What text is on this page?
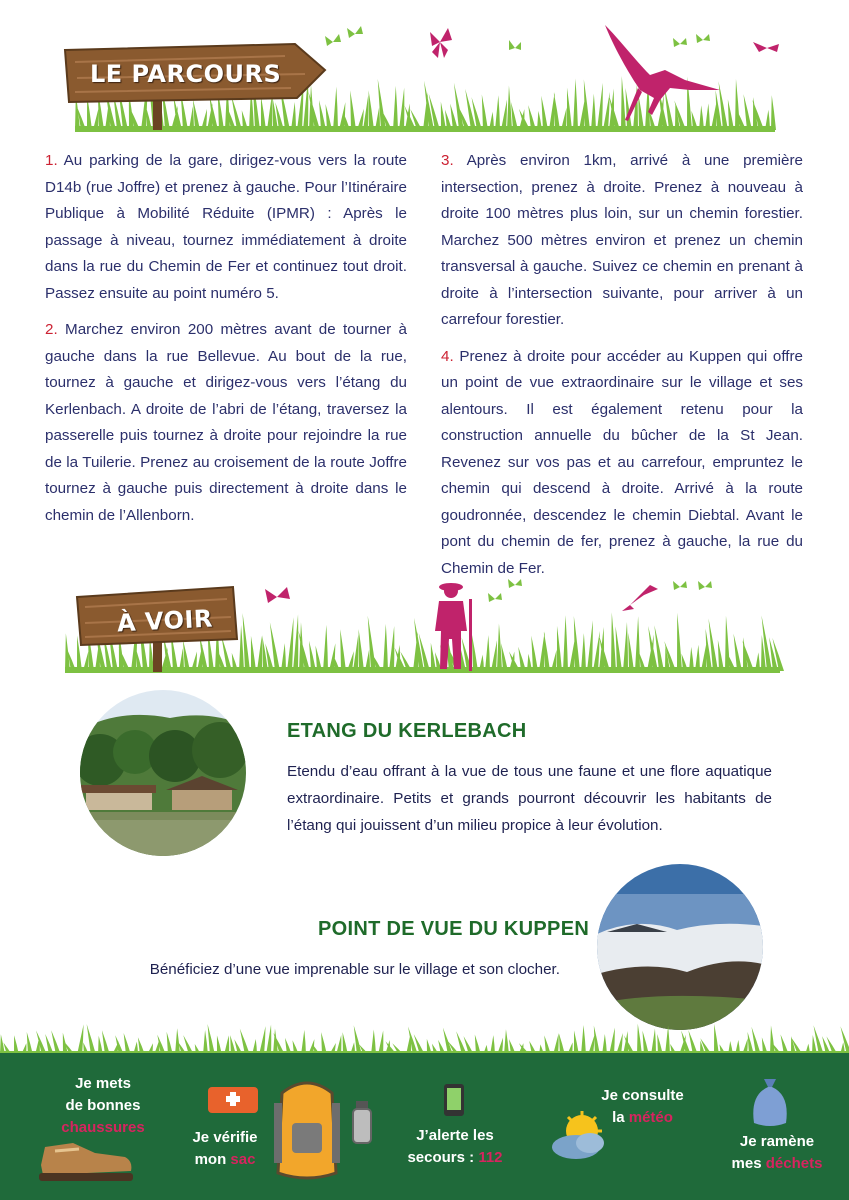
LE PARCOURS

1. Au parking de la gare, dirigez-vous vers la route D14b (rue Joffre) et prenez à gauche. Pour l’Itinéraire Publique à Mobilité Réduite (IPMR) : Après le passage à niveau, tournez immédiatement à droite dans la rue du Chemin de Fer et continuez tout droit. Passez ensuite au point numéro 5.

2. Marchez environ 200 mètres avant de tourner à gauche dans la rue Bellevue. Au bout de la rue, tournez à gauche et dirigez-vous vers l’étang du Kerlenbach. A droite de l’abri de l’étang, traversez la passerelle puis tournez à droite pour rejoindre la rue de la Tuilerie. Prenez au croisement de la route Joffre tournez à gauche puis directement à droite dans le chemin de l’Allenborn.

3. Après environ 1km, arrivé à une première intersection, prenez à droite. Prenez à nouveau à droite 100 mètres plus loin, sur un chemin forestier. Marchez 500 mètres environ et prenez un chemin transversal à gauche. Suivez ce chemin en prenant à droite à l’intersection suivante, pour arriver à un carrefour forestier.

4. Prenez à droite pour accéder au Kuppen qui offre un point de vue extraordinaire sur le village et ses alentours. Il est également retenu pour la construction annuelle du bûcher de la St Jean. Revenez sur vos pas et au carrefour, empruntez le chemin qui descend à droite. Arrivé à la route goudronnée, descendez le chemin Diebtal. Avant le pont du chemin de fer, prenez à gauche, la rue du Chemin de Fer.

À VOIR
ETANG DU KERLEBACH
Etendu d’eau offrant à la vue de tous une faune et une flore aquatique extraordinaire. Petits et grands pourront découvrir les habitants de l’étang qui jouissent d’un milieu propice à leur évolution.
POINT DE VUE DU KUPPEN
Bénéficiez d’une vue imprenable sur le village et son clocher.
Je mets
de bonnes
chaussures
Je vérifie
mon sac
J’alerte les
secours : 112
Je consulte
la météo
Je ramène
mes déchets
